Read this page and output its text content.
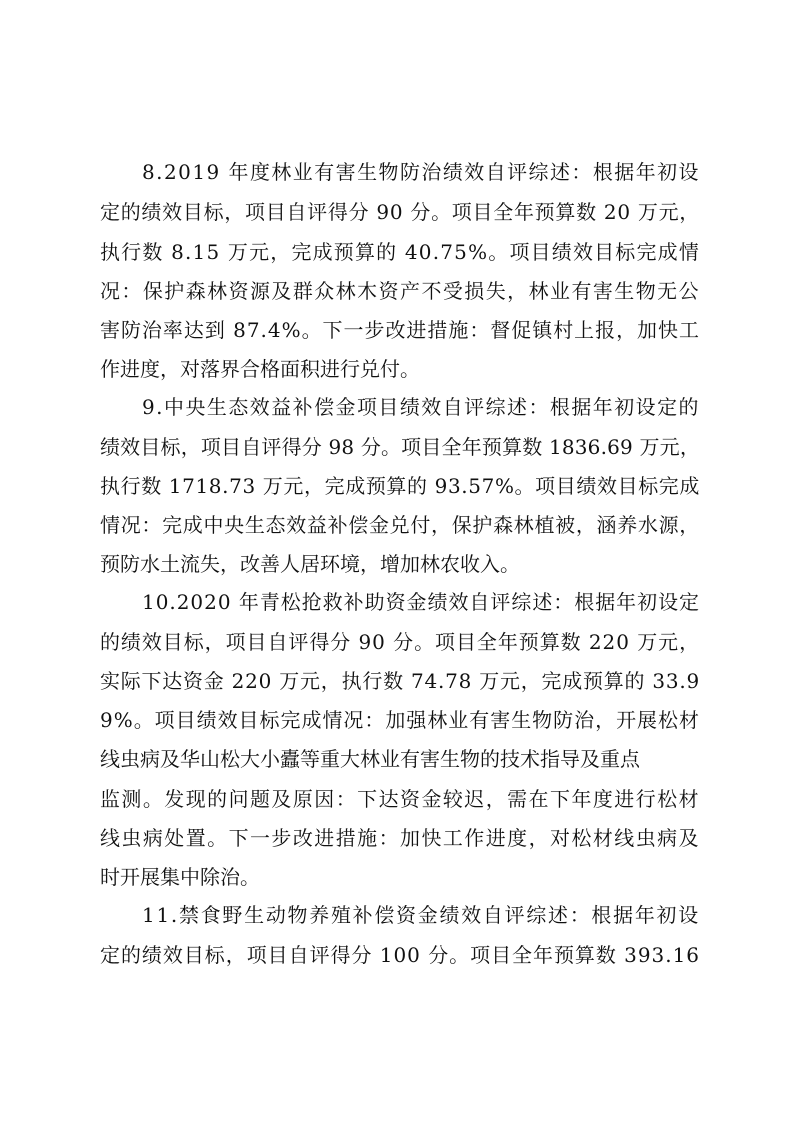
8.2019 年度林业有害生物防治绩效自评综述：根据年初设
定的绩效目标，项目自评得分 90 分。项目全年预算数 20 万元，
执行数 8.15 万元，完成预算的 40.75%。项目绩效目标完成情
况：保护森林资源及群众林木资产不受损失，林业有害生物无公
害防治率达到 87.4%。下一步改进措施：督促镇村上报，加快工
作进度，对落界合格面积进行兑付。
9.中央生态效益补偿金项目绩效自评综述：根据年初设定的
绩效目标，项目自评得分 98 分。项目全年预算数 1836.69 万元，
执行数 1718.73 万元，完成预算的 93.57%。项目绩效目标完成
情况：完成中央生态效益补偿金兑付，保护森林植被，涵养水源，
预防水土流失，改善人居环境，增加林农收入。
10.2020 年青松抢救补助资金绩效自评综述：根据年初设定
的绩效目标，项目自评得分 90 分。项目全年预算数 220 万元，
实际下达资金 220 万元，执行数 74.78 万元，完成预算的 33.9
9%。项目绩效目标完成情况：加强林业有害生物防治，开展松材
线虫病及华山松大小蠹等重大林业有害生物的技术指导及重点
监测。发现的问题及原因：下达资金较迟，需在下年度进行松材
线虫病处置。下一步改进措施：加快工作进度，对松材线虫病及
时开展集中除治。
11.禁食野生动物养殖补偿资金绩效自评综述：根据年初设
定的绩效目标，项目自评得分 100 分。项目全年预算数 393.16
